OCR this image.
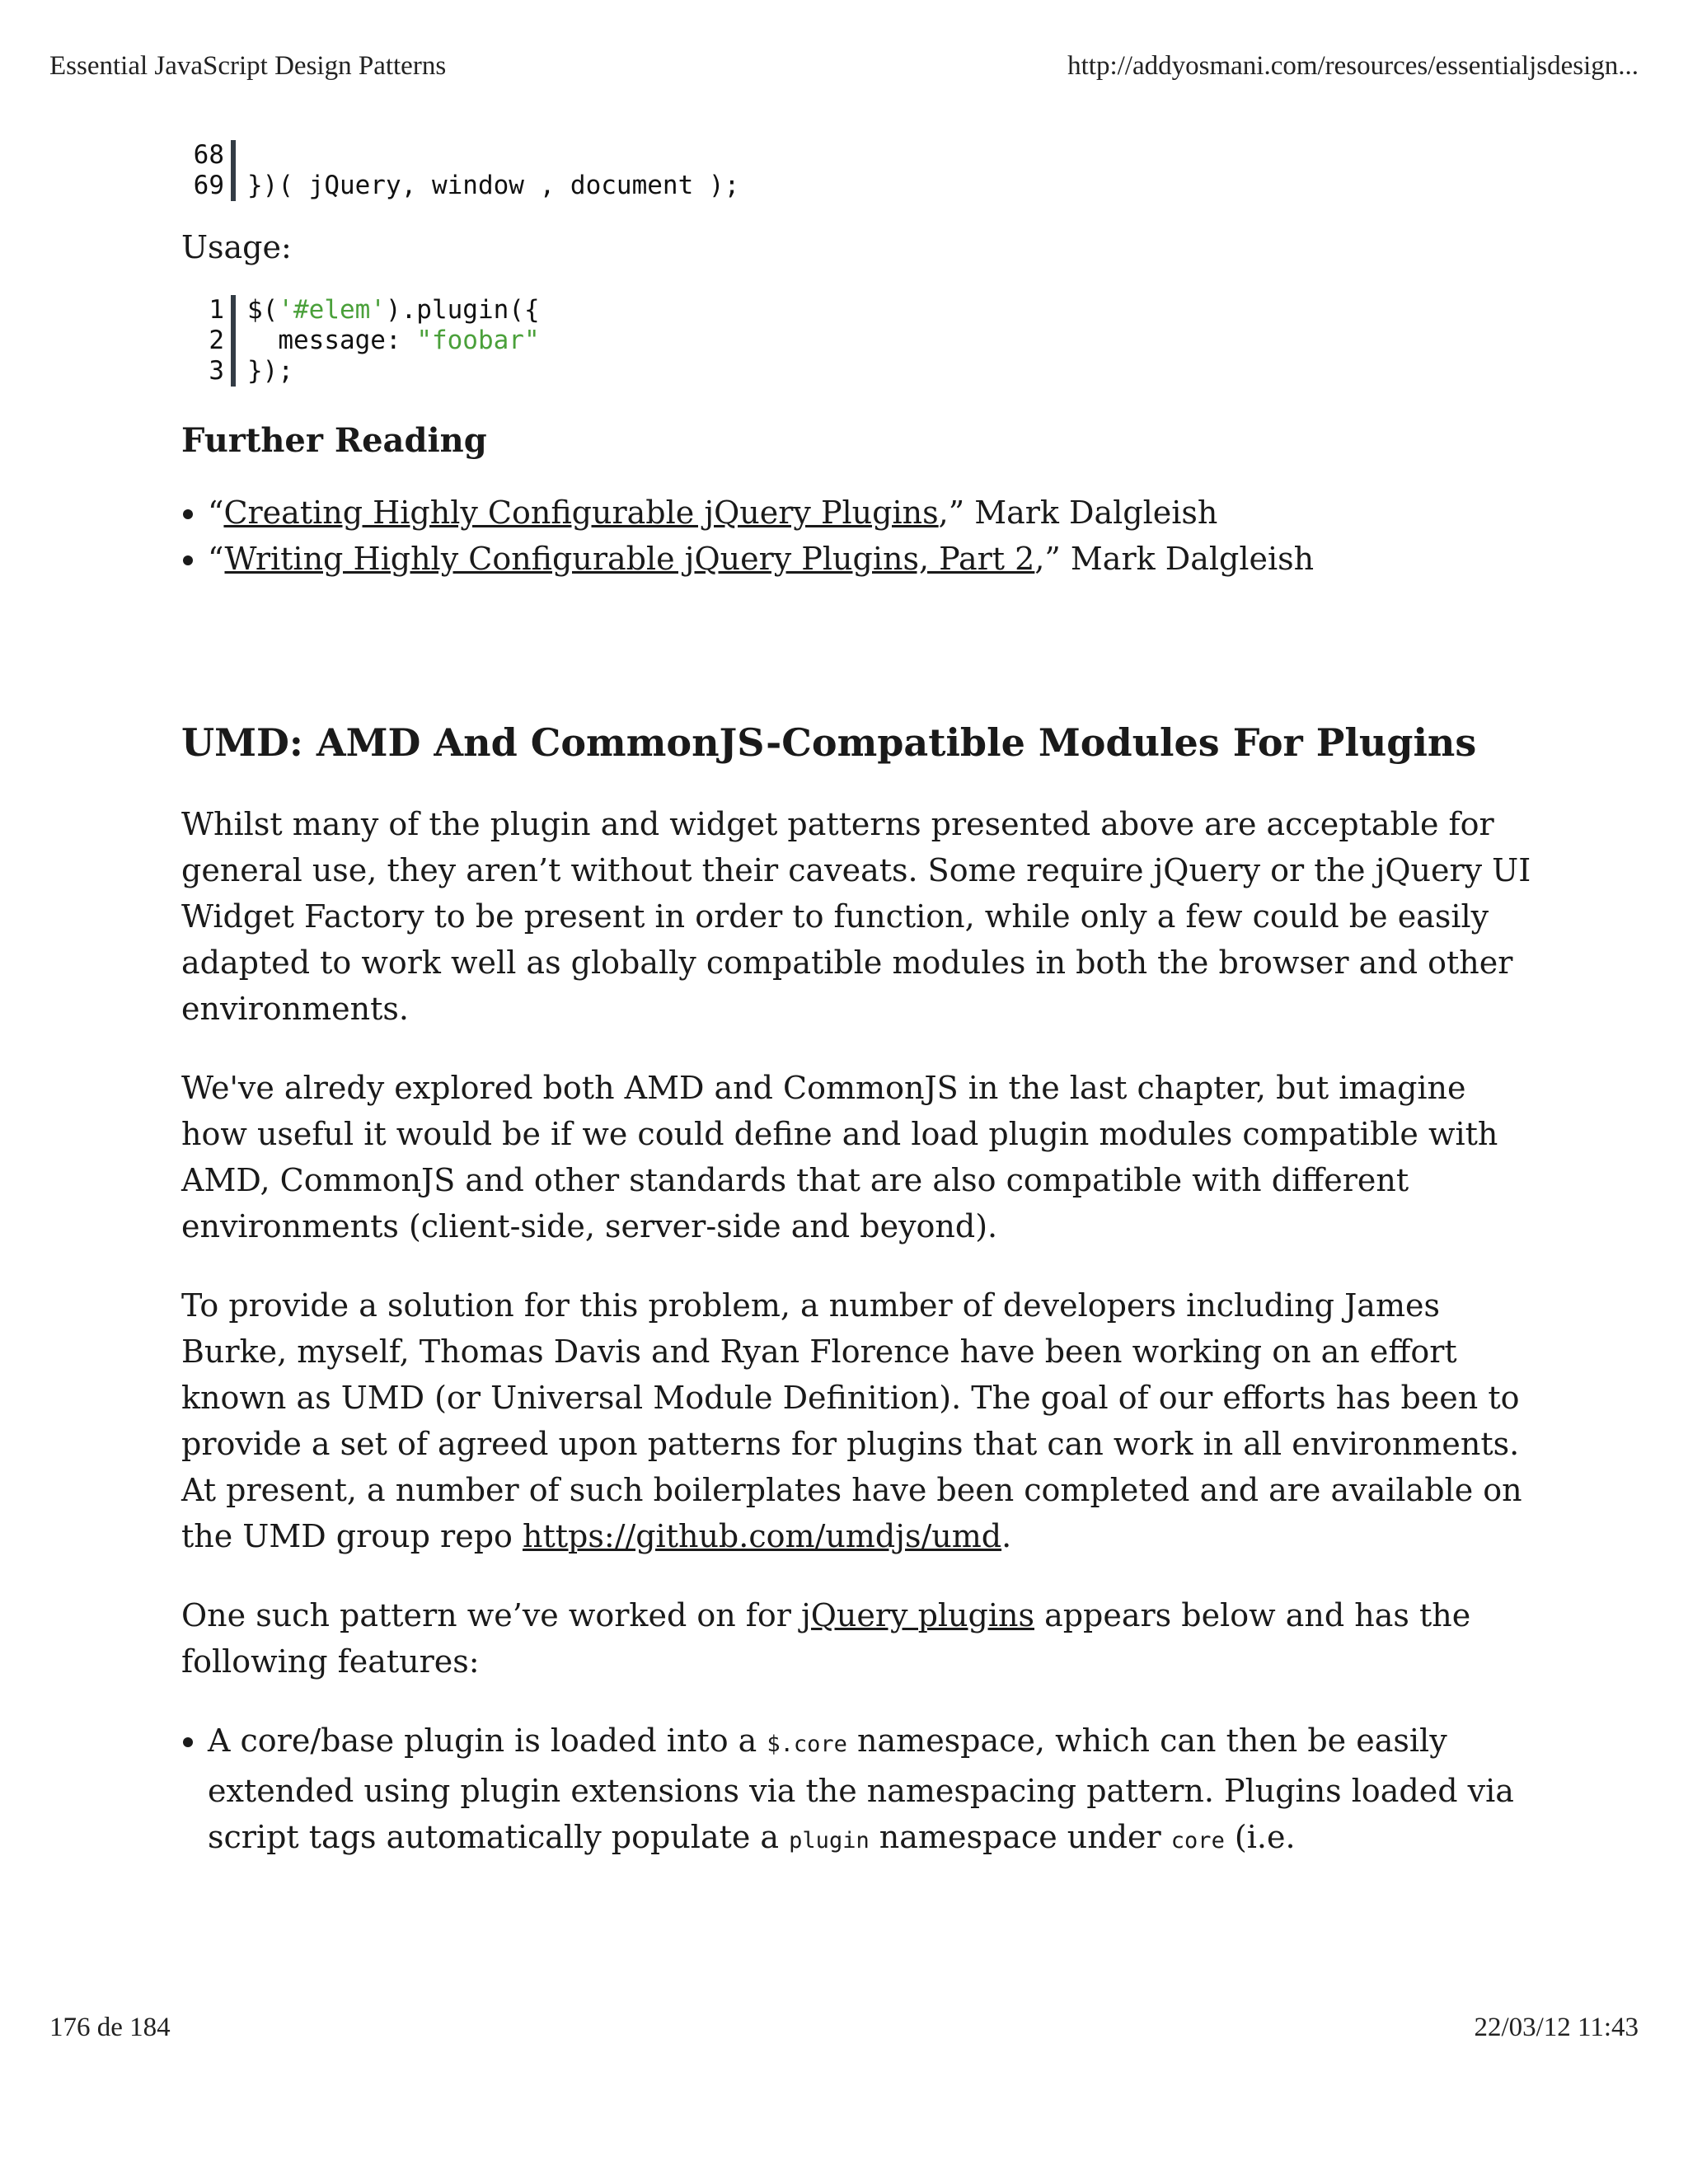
Essential JavaScript Design Patterns	http://addyosmani.com/resources/essentialjsdesign...
68	
69	})( jQuery, window , document );
Usage:
1	$('#elem').plugin({
2	message: "foobar"
3	});
Further Reading
• “Creating Highly Configurable jQuery Plugins,” Mark Dalgleish
• “Writing Highly Configurable jQuery Plugins, Part 2,” Mark Dalgleish
UMD: AMD And CommonJS-Compatible Modules For Plugins

Whilst many of the plugin and widget patterns presented above are acceptable for general use, they aren’t without their caveats. Some require jQuery or the jQuery UI Widget Factory to be present in order to function, while only a few could be easily adapted to work well as globally compatible modules in both the browser and other environments.

We've alredy explored both AMD and CommonJS in the last chapter, but imagine how useful it would be if we could define and load plugin modules compatible with AMD, CommonJS and other standards that are also compatible with different environments (client-side, server-side and beyond).

To provide a solution for this problem, a number of developers including James Burke, myself, Thomas Davis and Ryan Florence have been working on an effort known as UMD (or Universal Module Definition). The goal of our efforts has been to provide a set of agreed upon patterns for plugins that can work in all environments. At present, a number of such boilerplates have been completed and are available on the UMD group repo https://github.com/umdjs/umd.

One such pattern we’ve worked on for jQuery plugins appears below and has the following features:

• A core/base plugin is loaded into a $.core namespace, which can then be easily extended using plugin extensions via the namespacing pattern. Plugins loaded via script tags automatically populate a plugin namespace under core (i.e.
176 de 184	22/03/12 11:43
